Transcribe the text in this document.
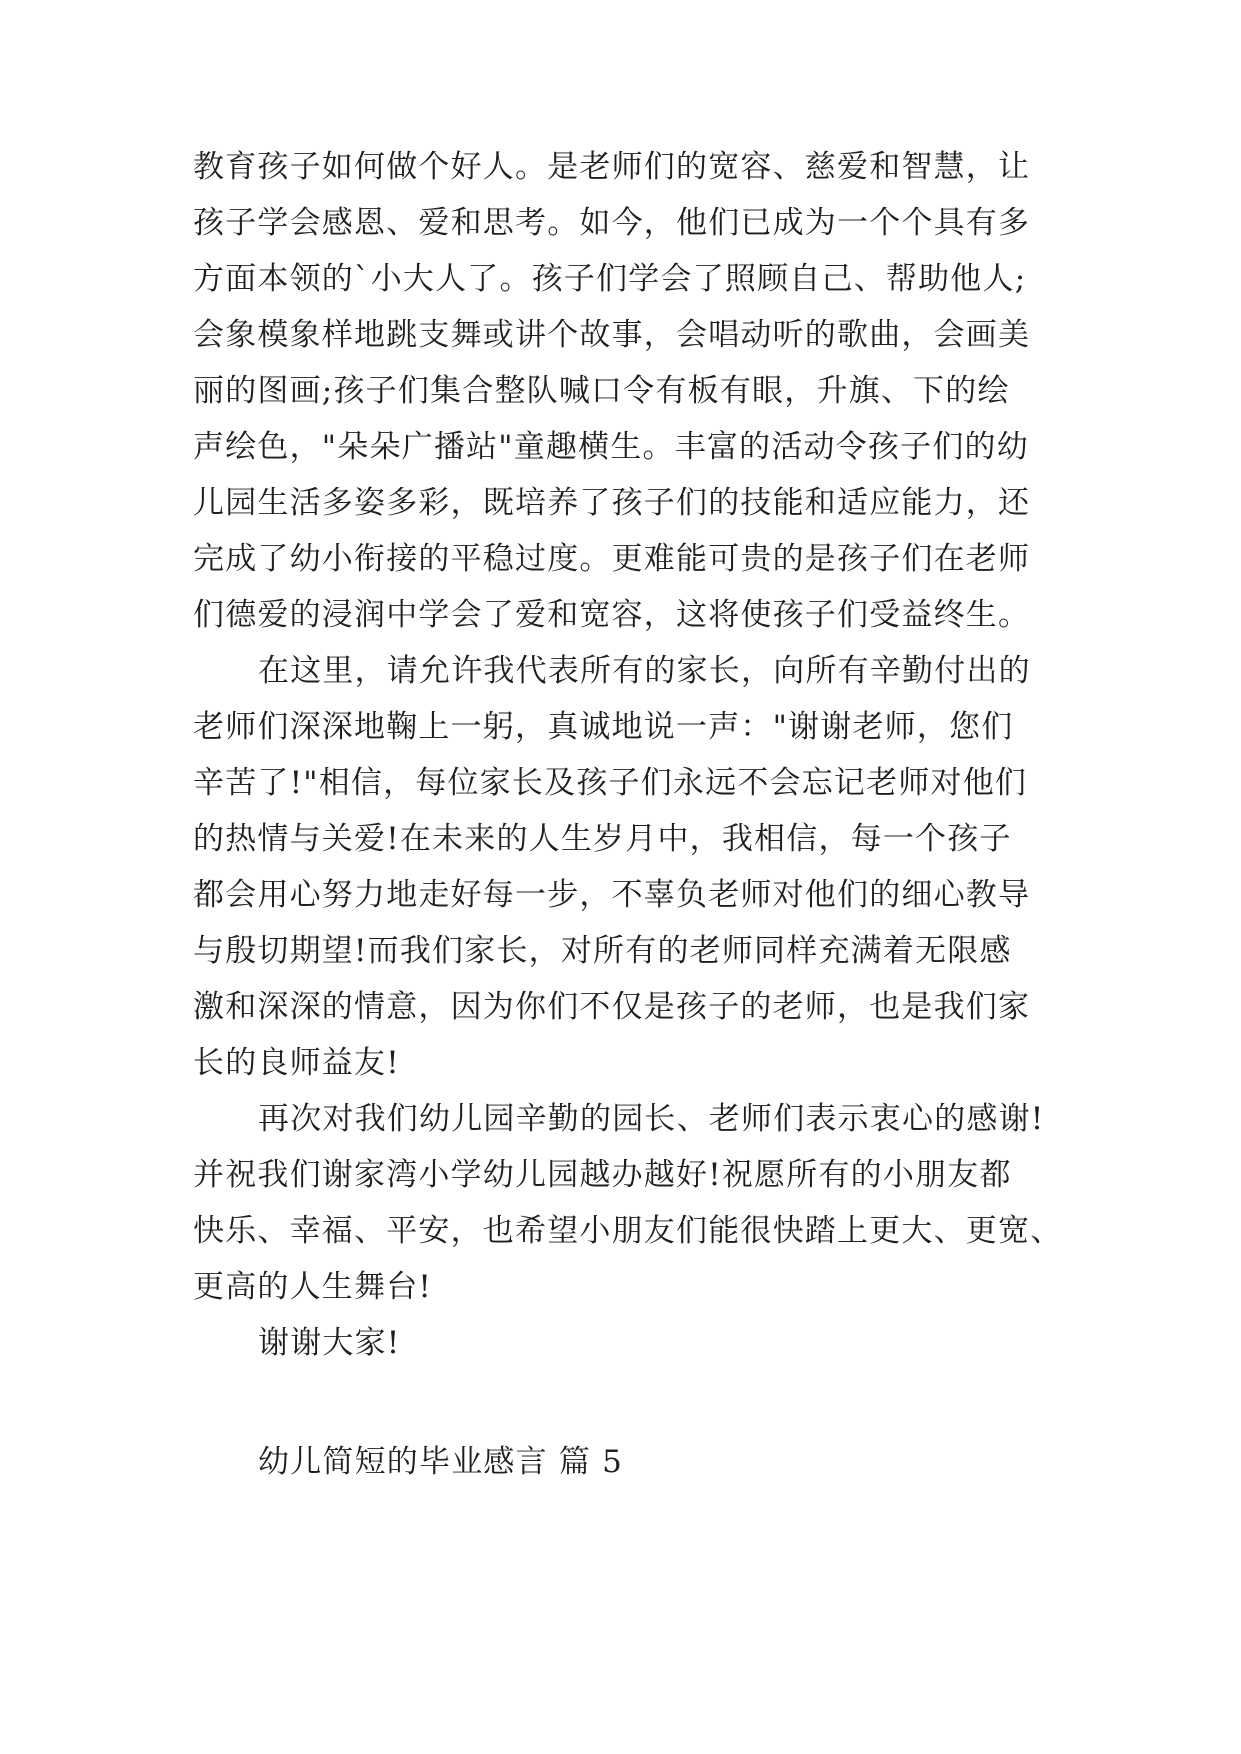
教育孩子如何做个好人。是老师们的宽容、慈爱和智慧，让
孩子学会感恩、爱和思考。如今，他们已成为一个个具有多
方面本领的`小大人了。孩子们学会了照顾自己、帮助他人;
会象模象样地跳支舞或讲个故事，会唱动听的歌曲，会画美
丽的图画;孩子们集合整队喊口令有板有眼，升旗、下的绘
声绘色，"朵朵广播站"童趣横生。丰富的活动令孩子们的幼
儿园生活多姿多彩，既培养了孩子们的技能和适应能力，还
完成了幼小衔接的平稳过度。更难能可贵的是孩子们在老师
们德爱的浸润中学会了爱和宽容，这将使孩子们受益终生。
在这里，请允许我代表所有的家长，向所有辛勤付出的
老师们深深地鞠上一躬，真诚地说一声："谢谢老师，您们
辛苦了!"相信，每位家长及孩子们永远不会忘记老师对他们
的热情与关爱!在未来的人生岁月中，我相信，每一个孩子
都会用心努力地走好每一步，不辜负老师对他们的细心教导
与殷切期望!而我们家长，对所有的老师同样充满着无限感
激和深深的情意，因为你们不仅是孩子的老师，也是我们家
长的良师益友!
再次对我们幼儿园辛勤的园长、老师们表示衷心的感谢!
并祝我们谢家湾小学幼儿园越办越好!祝愿所有的小朋友都
快乐、幸福、平安，也希望小朋友们能很快踏上更大、更宽、
更高的人生舞台!
谢谢大家!
幼儿简短的毕业感言 篇 5
